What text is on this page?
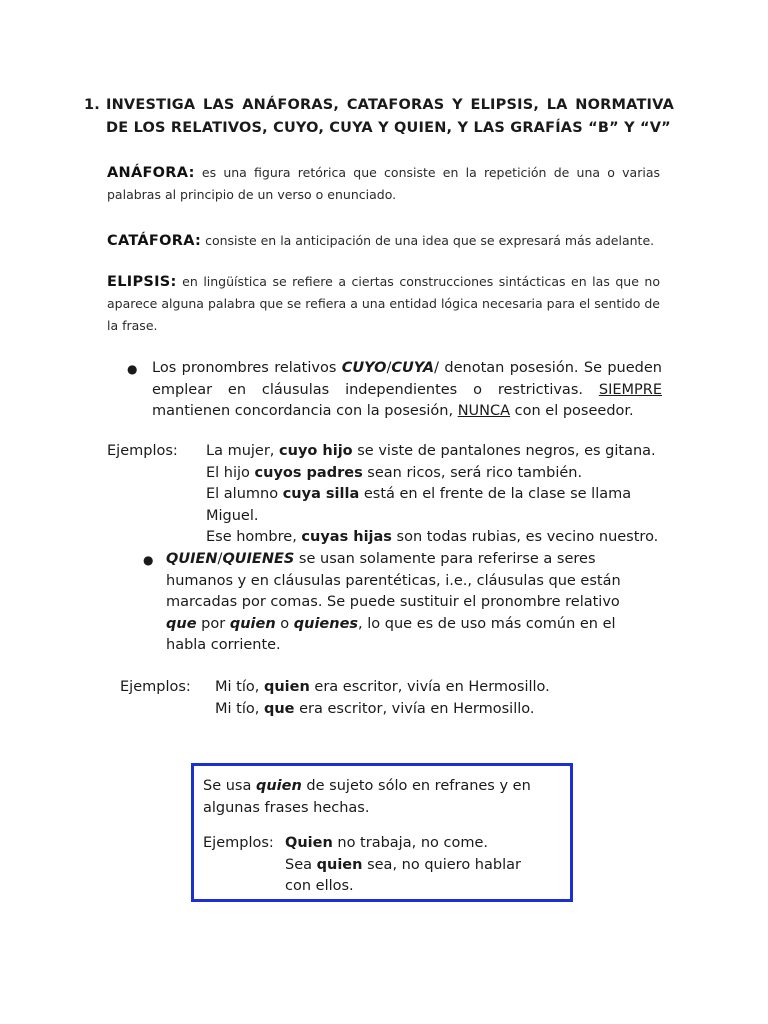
1. INVESTIGA LAS ANÁFORAS, CATAFORAS Y ELIPSIS, LA NORMATIVA DE LOS RELATIVOS, CUYO, CUYA Y QUIEN, Y LAS GRAFÍAS “B” Y “V”
ANÁFORA: es una figura retórica que consiste en la repetición de una o varias palabras al principio de un verso o enunciado.
CATÁFORA: consiste en la anticipación de una idea que se expresará más adelante.
ELIPSIS: en lingüística se refiere a ciertas construcciones sintácticas en las que no aparece alguna palabra que se refiera a una entidad lógica necesaria para el sentido de la frase.
● Los pronombres relativos CUYO/CUYA/ denotan posesión. Se pueden emplear en cláusulas independientes o restrictivas. SIEMPRE mantienen concordancia con la posesión, NUNCA con el poseedor.
Ejemplos: La mujer, cuyo hijo se viste de pantalones negros, es gitana.
El hijo cuyos padres sean ricos, será rico también.
El alumno cuya silla está en el frente de la clase se llama Miguel.
Ese hombre, cuyas hijas son todas rubias, es vecino nuestro.
● QUIEN/QUIENES se usan solamente para referirse a seres humanos y en cláusulas parentéticas, i.e., cláusulas que están marcadas por comas. Se puede sustituir el pronombre relativo que por quien o quienes, lo que es de uso más común en el habla corriente.
Ejemplos: Mi tío, quien era escritor, vivía en Hermosillo.
Mi tío, que era escritor, vivía en Hermosillo.
Se usa quien de sujeto sólo en refranes y en algunas frases hechas.
Ejemplos: Quien no trabaja, no come.
Sea quien sea, no quiero hablar con ellos.
